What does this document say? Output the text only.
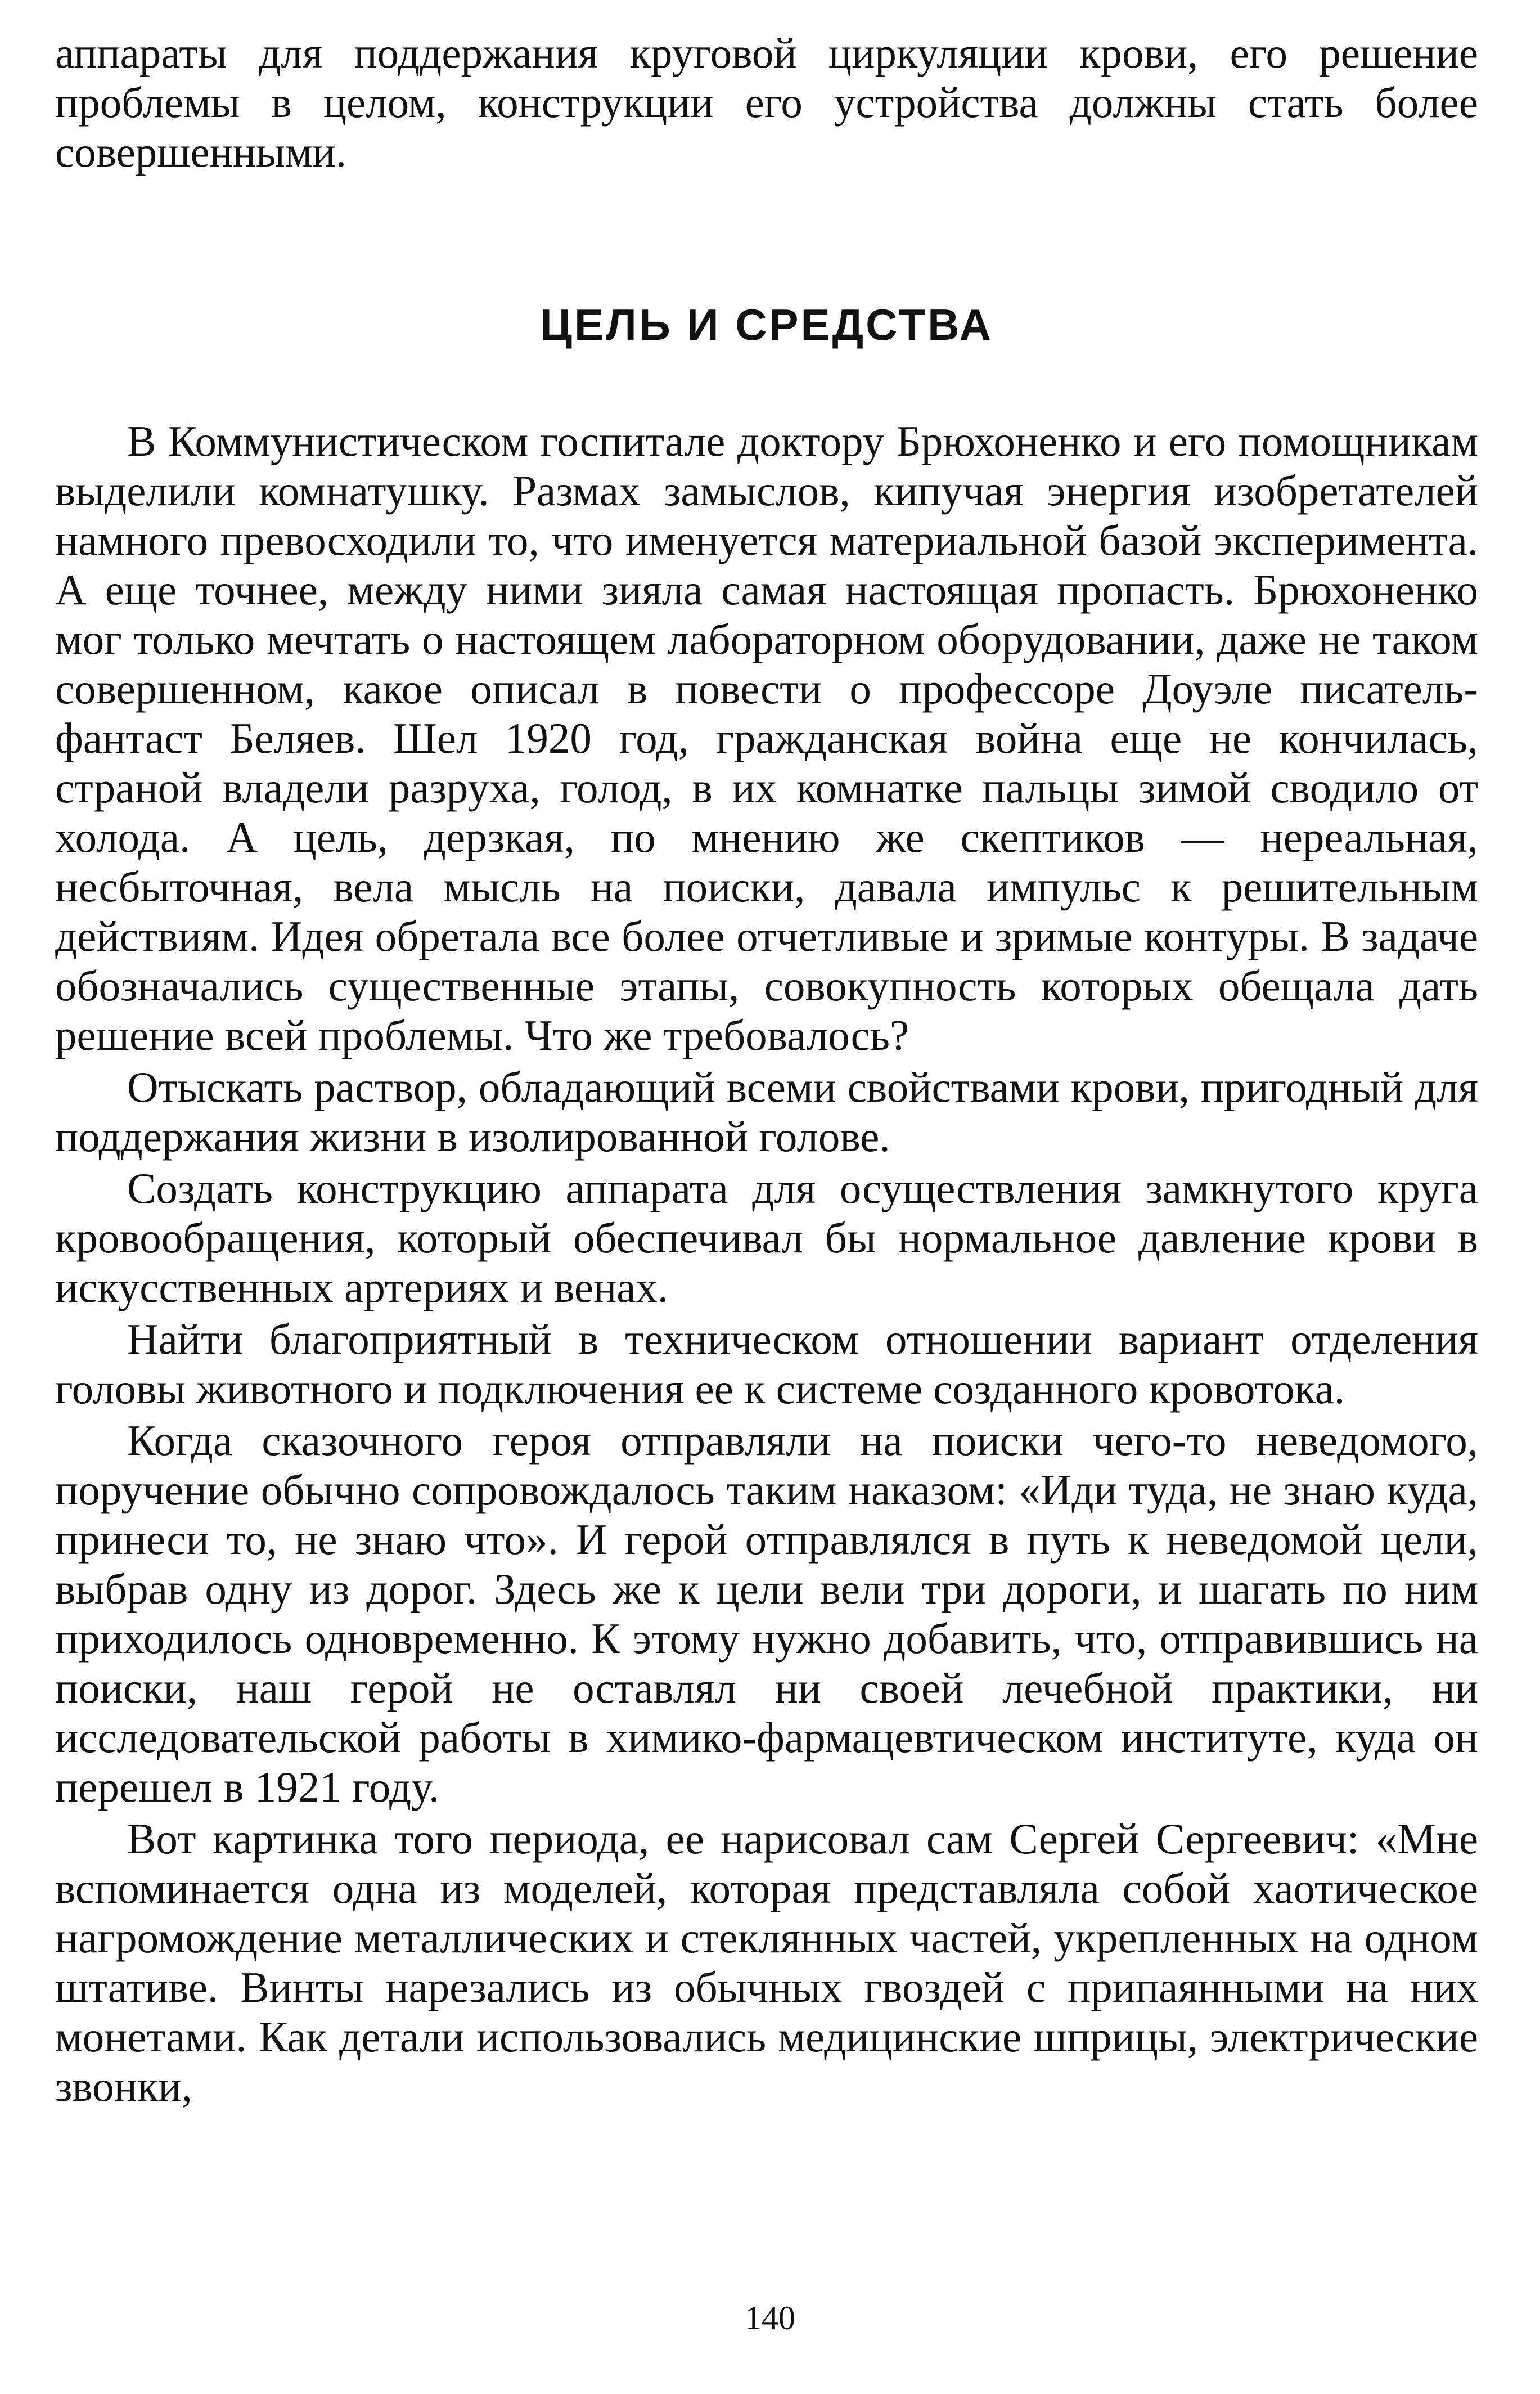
аппараты для поддержания круговой циркуляции крови, его решение проблемы в целом, конструкции его устройства должны стать более совершенными.

ЦЕЛЬ И СРЕДСТВА

В Коммунистическом госпитале доктору Брюхоненко и его помощникам выделили комнатушку. Размах замыслов, кипучая энергия изобретателей намного превосходили то, что именуется материальной базой эксперимента. А еще точнее, между ними зияла самая настоящая пропасть. Брюхоненко мог только мечтать о настоящем лабораторном оборудовании, даже не таком совершенном, какое описал в повести о профессоре Доуэле писатель-фантаст Беляев. Шел 1920 год, гражданская война еще не кончилась, страной владели разруха, голод, в их комнатке пальцы зимой сводило от холода. А цель, дерзкая, по мнению же скептиков — нереальная, несбыточная, вела мысль на поиски, давала импульс к решительным действиям. Идея обретала все более отчетливые и зримые контуры. В задаче обозначались существенные этапы, совокупность которых обещала дать решение всей проблемы. Что же требовалось?

Отыскать раствор, обладающий всеми свойствами крови, пригодный для поддержания жизни в изолированной голове.

Создать конструкцию аппарата для осуществления замкнутого круга кровообращения, который обеспечивал бы нормальное давление крови в искусственных артериях и венах.

Найти благоприятный в техническом отношении вариант отделения головы животного и подключения ее к системе созданного кровотока.

Когда сказочного героя отправляли на поиски чего-то неведомого, поручение обычно сопровождалось таким наказом: «Иди туда, не знаю куда, принеси то, не знаю что». И герой отправлялся в путь к неведомой цели, выбрав одну из дорог. Здесь же к цели вели три дороги, и шагать по ним приходилось одновременно. К этому нужно добавить, что, отправившись на поиски, наш герой не оставлял ни своей лечебной практики, ни исследовательской работы в химико-фармацевтическом институте, куда он перешел в 1921 году.

Вот картинка того периода, ее нарисовал сам Сергей Сергеевич: «Мне вспоминается одна из моделей, которая представляла собой хаотическое нагромождение металлических и стеклянных частей, укрепленных на одном штативе. Винты нарезались из обычных гвоздей с припаянными на них монетами. Как детали использовались медицинские шприцы, электрические звонки,

140
